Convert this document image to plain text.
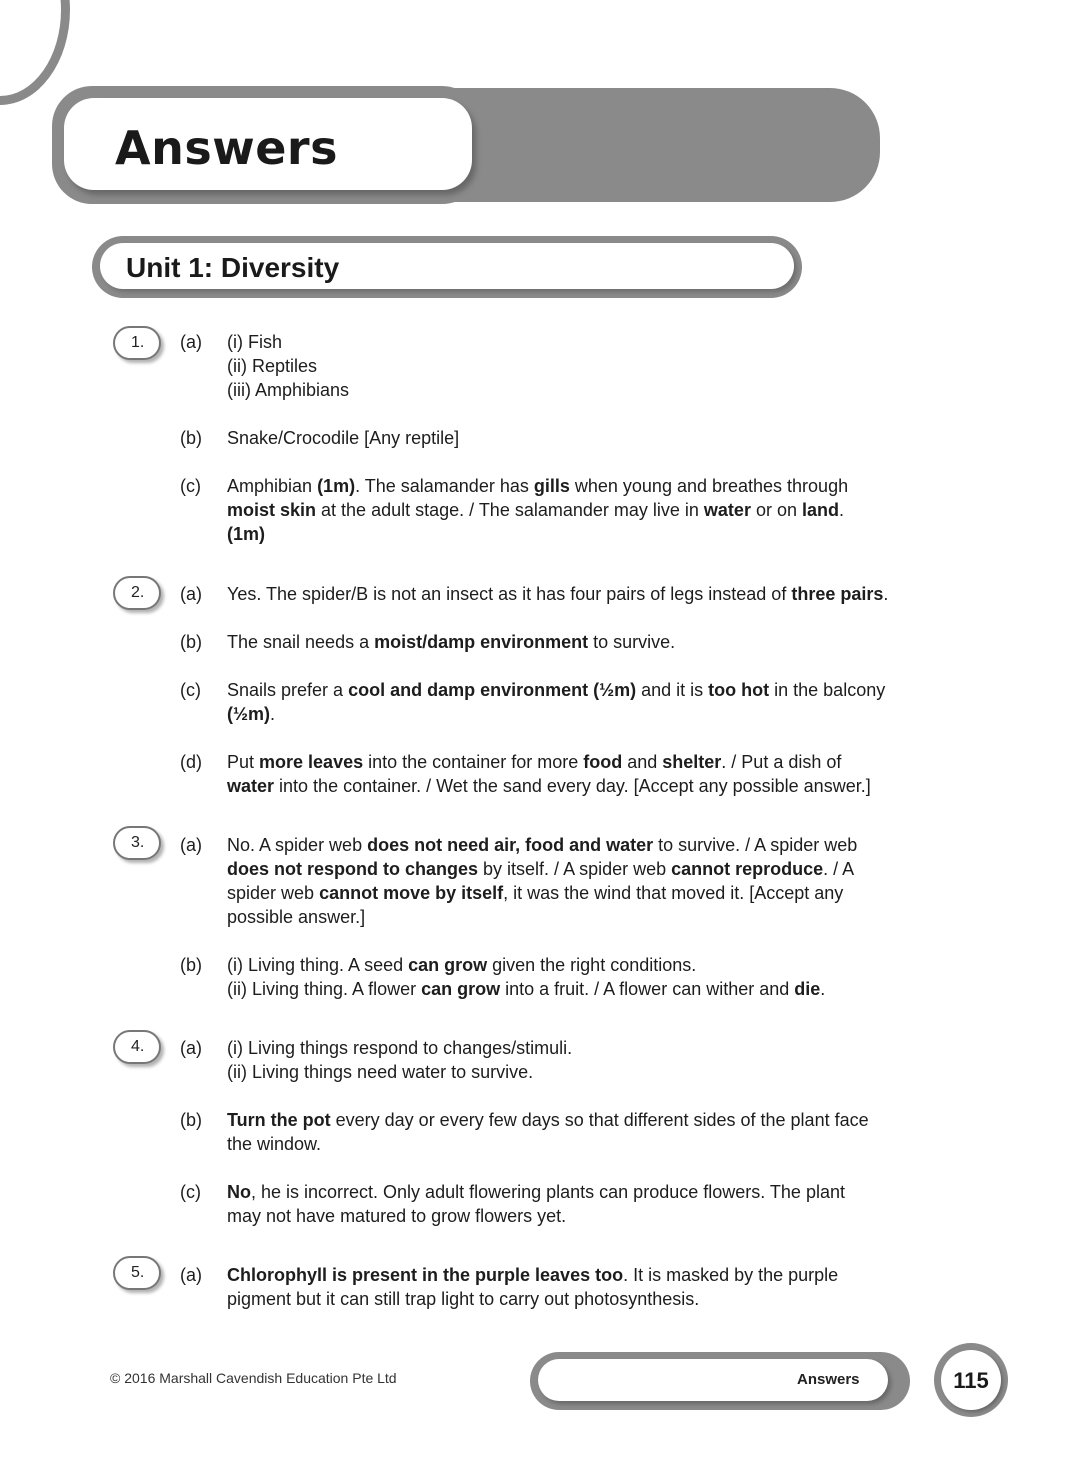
Answers
Unit 1: Diversity
1.	(a) (i) Fish
(ii) Reptiles
(iii) Amphibians
(b) Snake/Crocodile [Any reptile]
(c) Amphibian (1m). The salamander has gills when young and breathes through
moist skin at the adult stage. / The salamander may live in water or on land.
(1m)
2.	(a) Yes. The spider/B is not an insect as it has four pairs of legs instead of three pairs.
(b) The snail needs a moist/damp environment to survive.
(c) Snails prefer a cool and damp environment (½m) and it is too hot in the balcony
(½m).
(d) Put more leaves into the container for more food and shelter. / Put a dish of
water into the container. / Wet the sand every day. [Accept any possible answer.]
3.	(a) No. A spider web does not need air, food and water to survive. / A spider web
does not respond to changes by itself. / A spider web cannot reproduce. / A
spider web cannot move by itself, it was the wind that moved it. [Accept any
possible answer.]
(b) (i) Living thing. A seed can grow given the right conditions.
(ii) Living thing. A flower can grow into a fruit. / A flower can wither and die.
4.	(a) (i) Living things respond to changes/stimuli.
(ii) Living things need water to survive.
(b) Turn the pot every day or every few days so that different sides of the plant face
the window.
(c) No, he is incorrect. Only adult flowering plants can produce flowers. The plant
may not have matured to grow flowers yet.
5.	(a) Chlorophyll is present in the purple leaves too. It is masked by the purple
pigment but it can still trap light to carry out photosynthesis.
© 2016 Marshall Cavendish Education Pte Ltd	Answers	115
